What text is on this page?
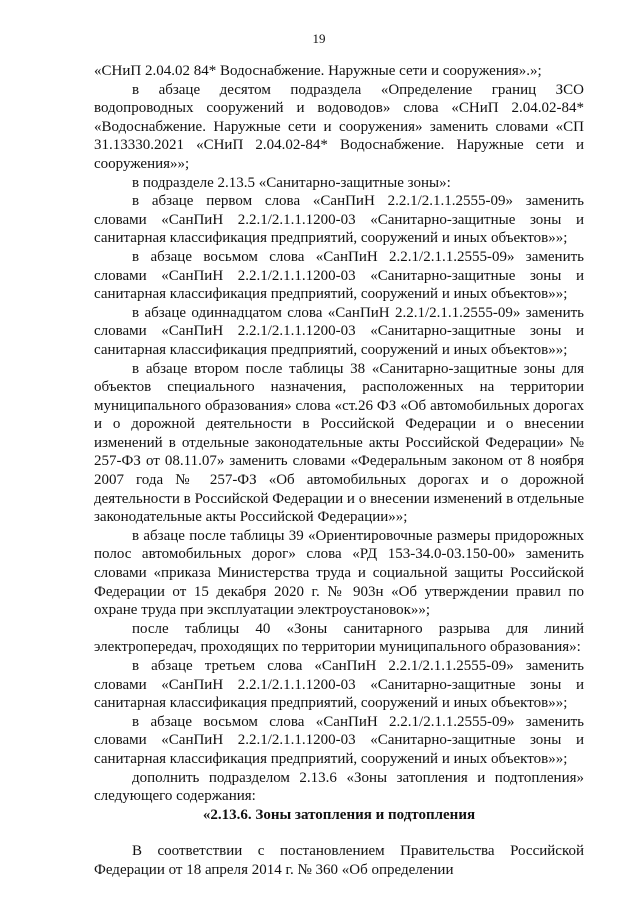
19

«СНиП 2.04.02 84* Водоснабжение. Наружные сети и сооружения».»;

в абзаце десятом подраздела «Определение границ ЗСО водопроводных сооружений и водоводов» слова «СНиП 2.04.02-84* «Водоснабжение. Наружные сети и сооружения» заменить словами «СП 31.13330.2021 «СНиП 2.04.02-84* Водоснабжение. Наружные сети и сооружения»»;

в подразделе 2.13.5 «Санитарно-защитные зоны»:

в абзаце первом слова «СанПиН 2.2.1/2.1.1.2555-09» заменить словами «СанПиН 2.2.1/2.1.1.1200-03 «Санитарно-защитные зоны и санитарная классификация предприятий, сооружений и иных объектов»»;

в абзаце восьмом слова «СанПиН 2.2.1/2.1.1.2555-09» заменить словами «СанПиН 2.2.1/2.1.1.1200-03 «Санитарно-защитные зоны и санитарная классификация предприятий, сооружений и иных объектов»»;

в абзаце одиннадцатом слова «СанПиН 2.2.1/2.1.1.2555-09» заменить словами «СанПиН 2.2.1/2.1.1.1200-03 «Санитарно-защитные зоны и санитарная классификация предприятий, сооружений и иных объектов»»;

в абзаце втором после таблицы 38 «Санитарно-защитные зоны для объектов специального назначения, расположенных на территории муниципального образования» слова «ст.26 ФЗ «Об автомобильных дорогах и о дорожной деятельности в Российской Федерации и о внесении изменений в отдельные законодательные акты Российской Федерации» № 257-ФЗ от 08.11.07» заменить словами «Федеральным законом от 8 ноября 2007 года № 257-ФЗ «Об автомобильных дорогах и о дорожной деятельности в Российской Федерации и о внесении изменений в отдельные законодательные акты Российской Федерации»»;

в абзаце после таблицы 39 «Ориентировочные размеры придорожных полос автомобильных дорог» слова «РД 153-34.0-03.150-00» заменить словами «приказа Министерства труда и социальной защиты Российской Федерации от 15 декабря 2020 г. № 903н «Об утверждении правил по охране труда при эксплуатации электроустановок»»;

после таблицы 40 «Зоны санитарного разрыва для линий электропередач, проходящих по территории муниципального образования»:

в абзаце третьем слова «СанПиН 2.2.1/2.1.1.2555-09» заменить словами «СанПиН 2.2.1/2.1.1.1200-03 «Санитарно-защитные зоны и санитарная классификация предприятий, сооружений и иных объектов»»;

в абзаце восьмом слова «СанПиН 2.2.1/2.1.1.2555-09» заменить словами «СанПиН 2.2.1/2.1.1.1200-03 «Санитарно-защитные зоны и санитарная классификация предприятий, сооружений и иных объектов»»;

дополнить подразделом 2.13.6 «Зоны затопления и подтопления» следующего содержания:

«2.13.6. Зоны затопления и подтопления

В соответствии с постановлением Правительства Российской Федерации от 18 апреля 2014 г. № 360 «Об определении
